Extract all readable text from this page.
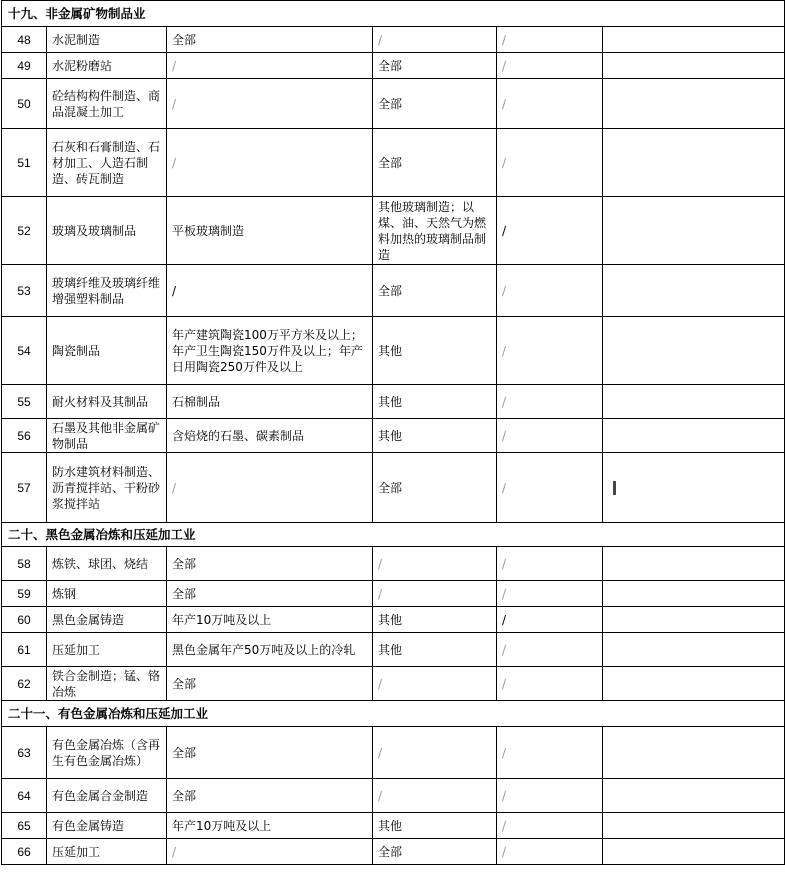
十九、非金属矿物制品业					
48	水泥制造	全部	/	/	
49	水泥粉磨站	/	全部	/	
50	砼结构构件制造、商品混凝土加工	/	全部	/	
51	石灰和石膏制造、石材加工、人造石制造、砖瓦制造	/	全部	/	
52	玻璃及玻璃制品	平板玻璃制造	其他玻璃制造；以煤、油、天然气为燃料加热的玻璃制品制造	/	
53	玻璃纤维及玻璃纤维增强塑料制品	/	全部	/	
54	陶瓷制品	年产建筑陶瓷100万平方米及以上；年产卫生陶瓷150万件及以上；年产日用陶瓷250万件及以上	其他	/	
55	耐火材料及其制品	石棉制品	其他	/	
56	石墨及其他非金属矿物制品	含焙烧的石墨、碳素制品	其他	/	
57	防水建筑材料制造、沥青搅拌站、干粉砂浆搅拌站	/	全部	/	
二十、黑色金属冶炼和压延加工业					
58	炼铁、球团、烧结	全部	/	/	
59	炼钢	全部	/	/	
60	黑色金属铸造	年产10万吨及以上	其他	/	
61	压延加工	黑色金属年产50万吨及以上的冷轧	其他	/	
62	铁合金制造；锰、铬冶炼	全部	/	/	
二十一、有色金属冶炼和压延加工业					
63	有色金属冶炼（含再生有色金属冶炼）	全部	/	/	
64	有色金属合金制造	全部	/	/	
65	有色金属铸造	年产10万吨及以上	其他	/	
66	压延加工	/	全部	/	
